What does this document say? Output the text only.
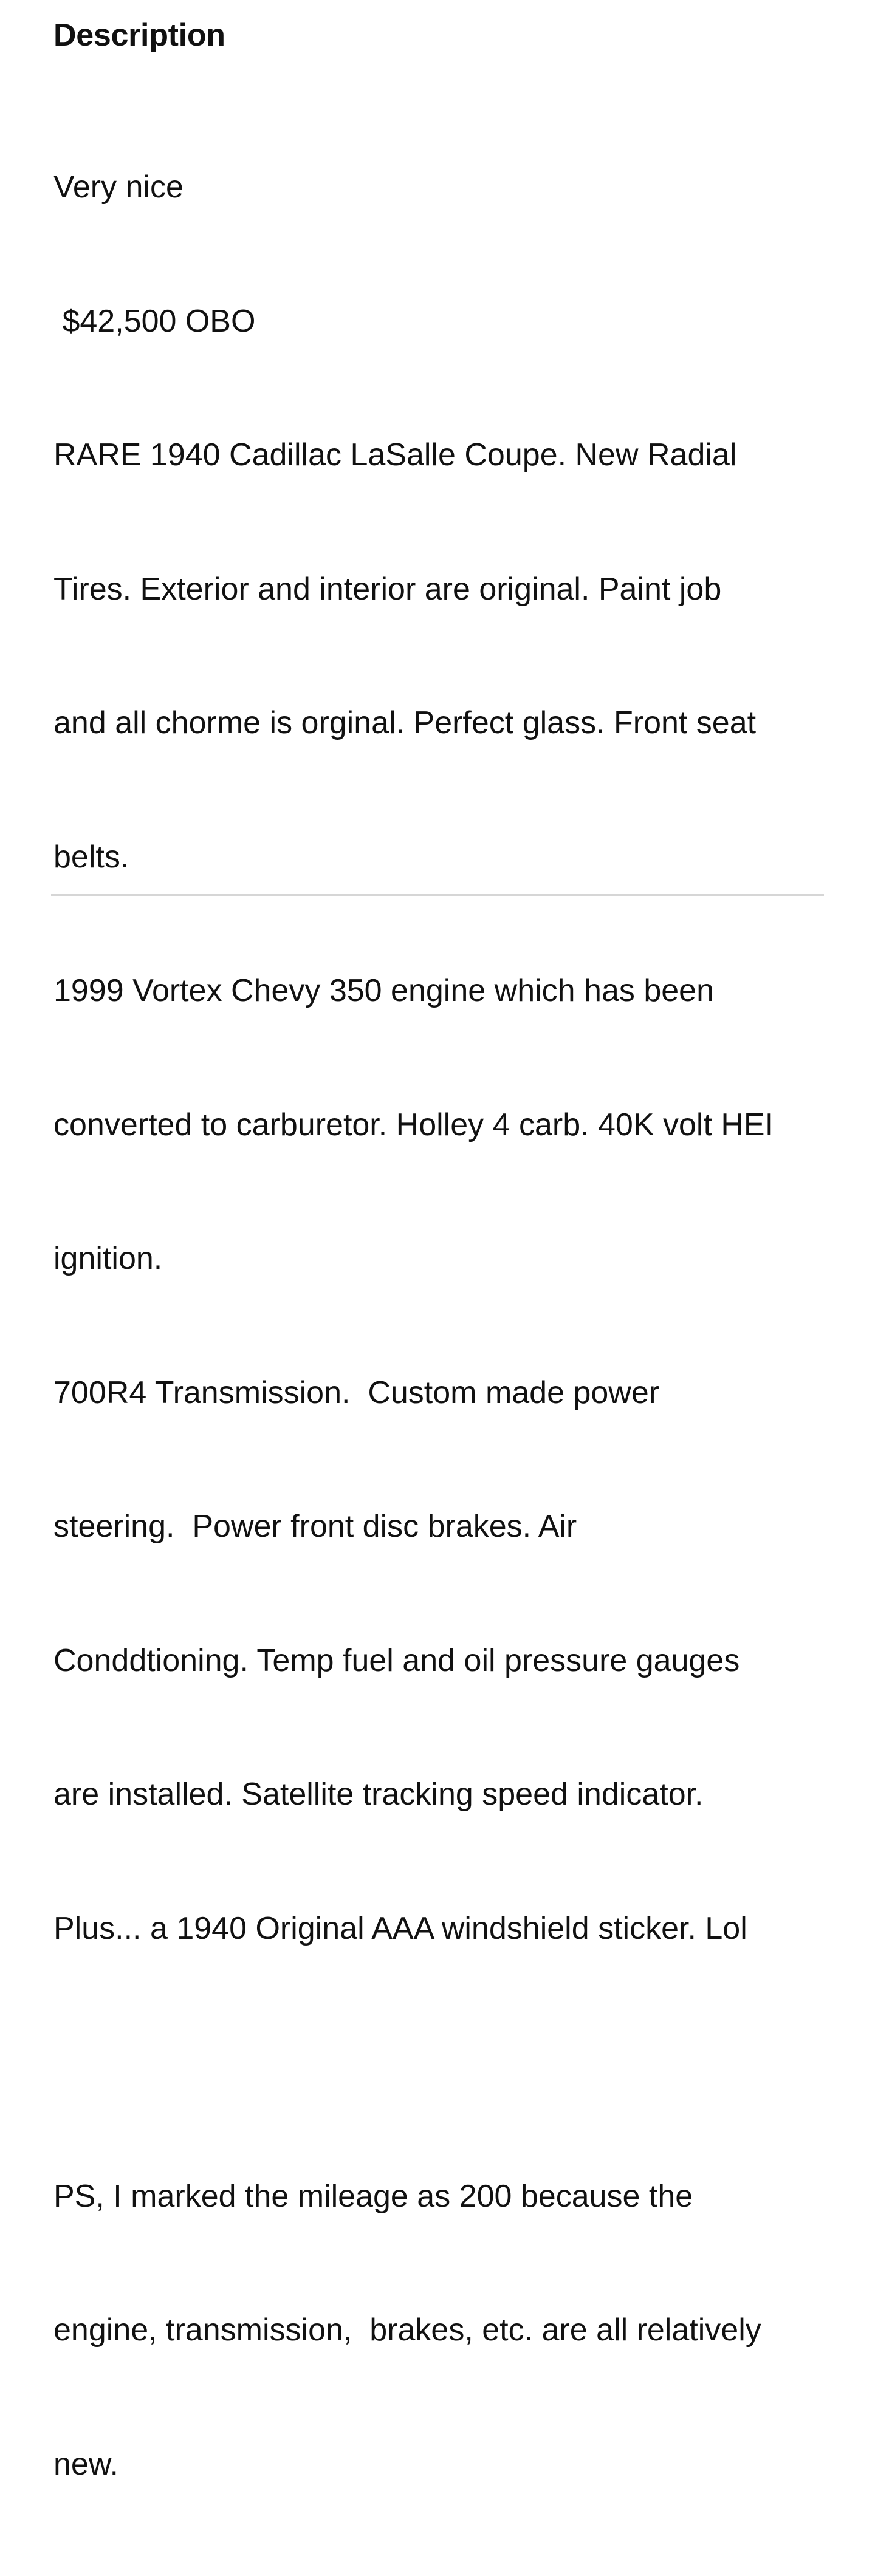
Description

Very nice

$42,500 OBO

RARE 1940 Cadillac LaSalle Coupe. New Radial

Tires. Exterior and interior are original. Paint job

and all chorme is orginal. Perfect glass. Front seat

belts.

1999 Vortex Chevy 350 engine which has been

converted to carburetor. Holley 4 carb. 40K volt HEI

ignition.

700R4 Transmission.  Custom made power

steering.  Power front disc brakes. Air

Conddtioning. Temp fuel and oil pressure gauges

are installed. Satellite tracking speed indicator.

Plus... a 1940 Original AAA windshield sticker. Lol

PS, I marked the mileage as 200 because the

engine, transmission,  brakes, etc. are all relatively

new.
